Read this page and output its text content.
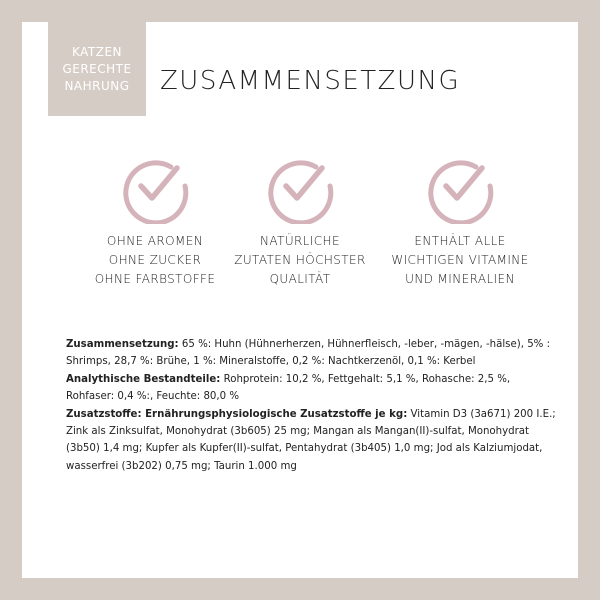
KATZEN
GERECHTE
NAHRUNG ZUSAMMENSETZUNG
OHNE AROMEN
OHNE ZUCKER
OHNE FARBSTOFFE
NATÜRLICHE
ZUTATEN HÖCHSTER
QUALITÄT
ENTHÄLT ALLE
WICHTIGEN VITAMINE
UND MINERALIEN

Zusammensetzung: 65 %: Huhn (Hühnerherzen, Hühnerfleisch, -leber, -mägen, -hälse), 5% : Shrimps, 28,7 %: Brühe, 1 %: Mineralstoffe, 0,2 %: Nachtkerzenöl, 0,1 %: Kerbel

Analythische Bestandteile: Rohprotein: 10,2 %, Fettgehalt: 5,1 %, Rohasche: 2,5 %, Rohfaser: 0,4 %:, Feuchte: 80,0 %

Zusatzstoffe: Ernährungsphysiologische Zusatzstoffe je kg: Vitamin D3 (3a671) 200 I.E.; Zink als Zinksulfat, Monohydrat (3b605) 25 mg; Mangan als Mangan(II)-sulfat, Monohydrat (3b50) 1,4 mg; Kupfer als Kupfer(II)-sulfat, Pentahydrat (3b405) 1,0 mg; Jod als Kalziumjodat, wasserfrei (3b202) 0,75 mg; Taurin 1.000 mg
